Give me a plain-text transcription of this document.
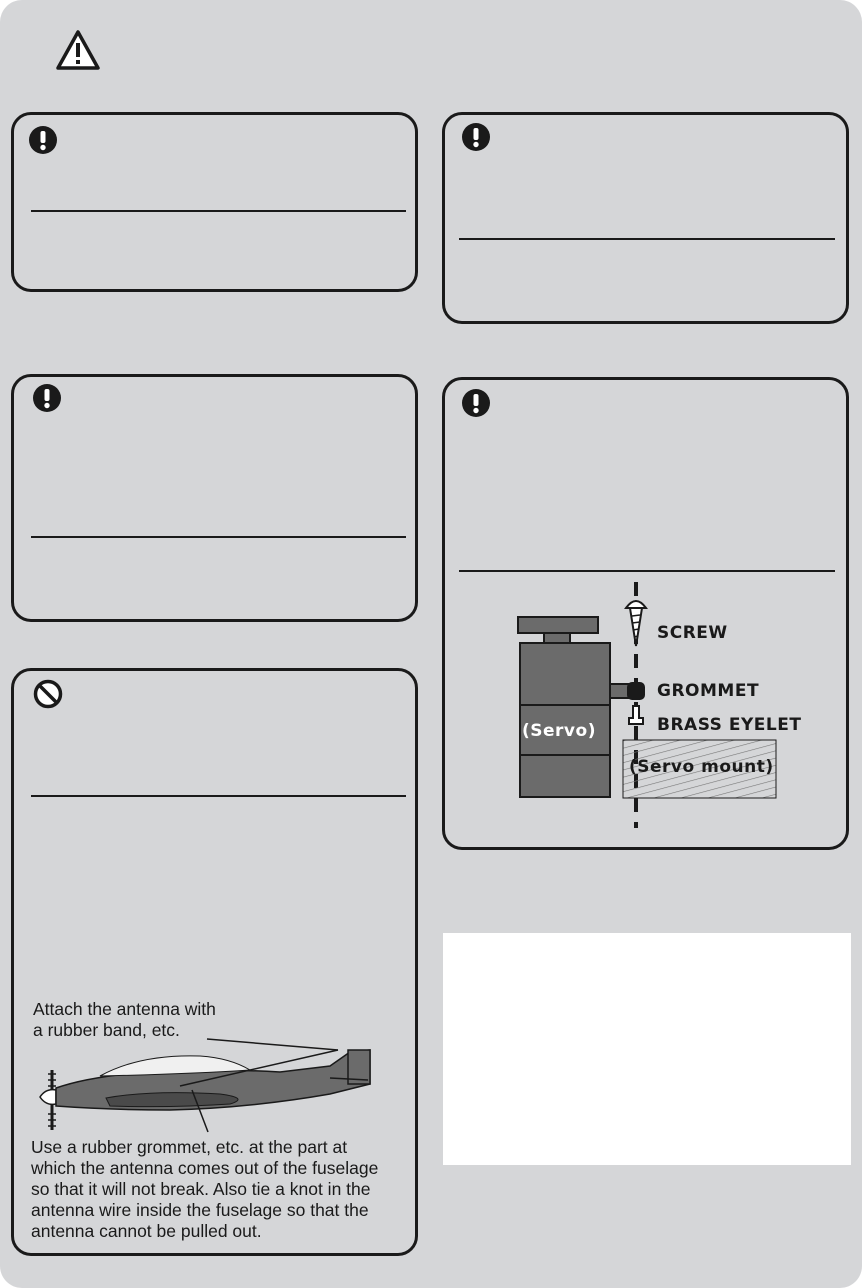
SCREW
GROMMET
BRASS EYELET
(Servo)
(Servo mount)
Attach the antenna with
a rubber band, etc.
Use a rubber grommet, etc. at the part at
which the antenna comes out of the fuselage
so that it will not break. Also tie a knot in the
antenna wire inside the fuselage so that the
antenna cannot be pulled out.
